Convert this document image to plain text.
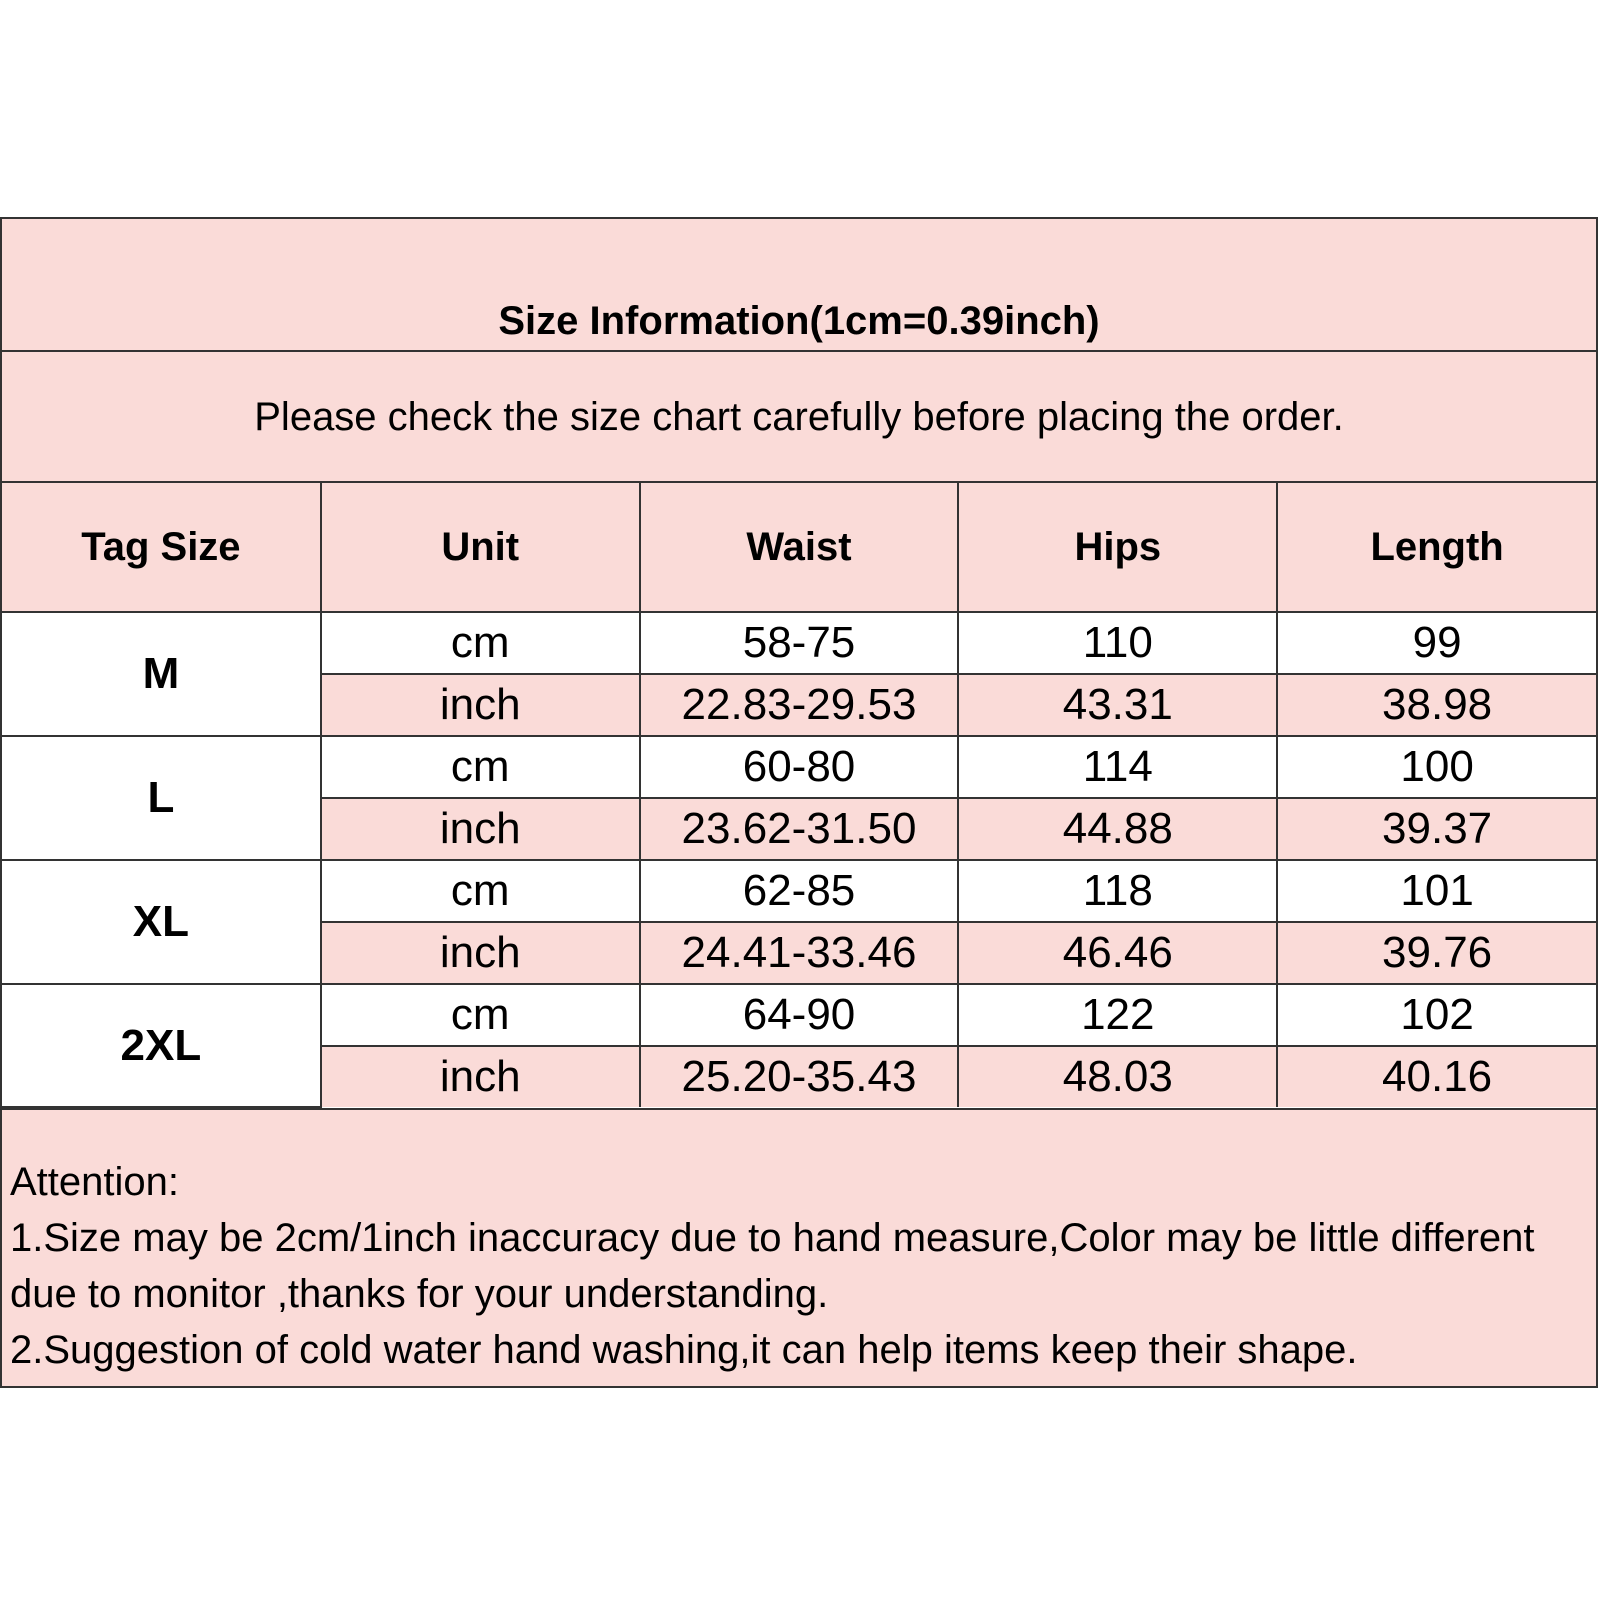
Size Information(1cm=0.39inch)
Please check the size chart carefully before placing the order.
Tag Size	Unit	Waist	Hips	Length
M	cm	58-75	110	99
	inch	22.83-29.53	43.31	38.98
L	cm	60-80	114	100
	inch	23.62-31.50	44.88	39.37
XL	cm	62-85	118	101
	inch	24.41-33.46	46.46	39.76
2XL	cm	64-90	122	102
	inch	25.20-35.43	48.03	40.16

Attention:

1.Size may be 2cm/1inch inaccuracy due to hand measure,Color may be little different due to monitor ,thanks for your understanding.

2.Suggestion of cold water hand washing,it can help items keep their shape.
